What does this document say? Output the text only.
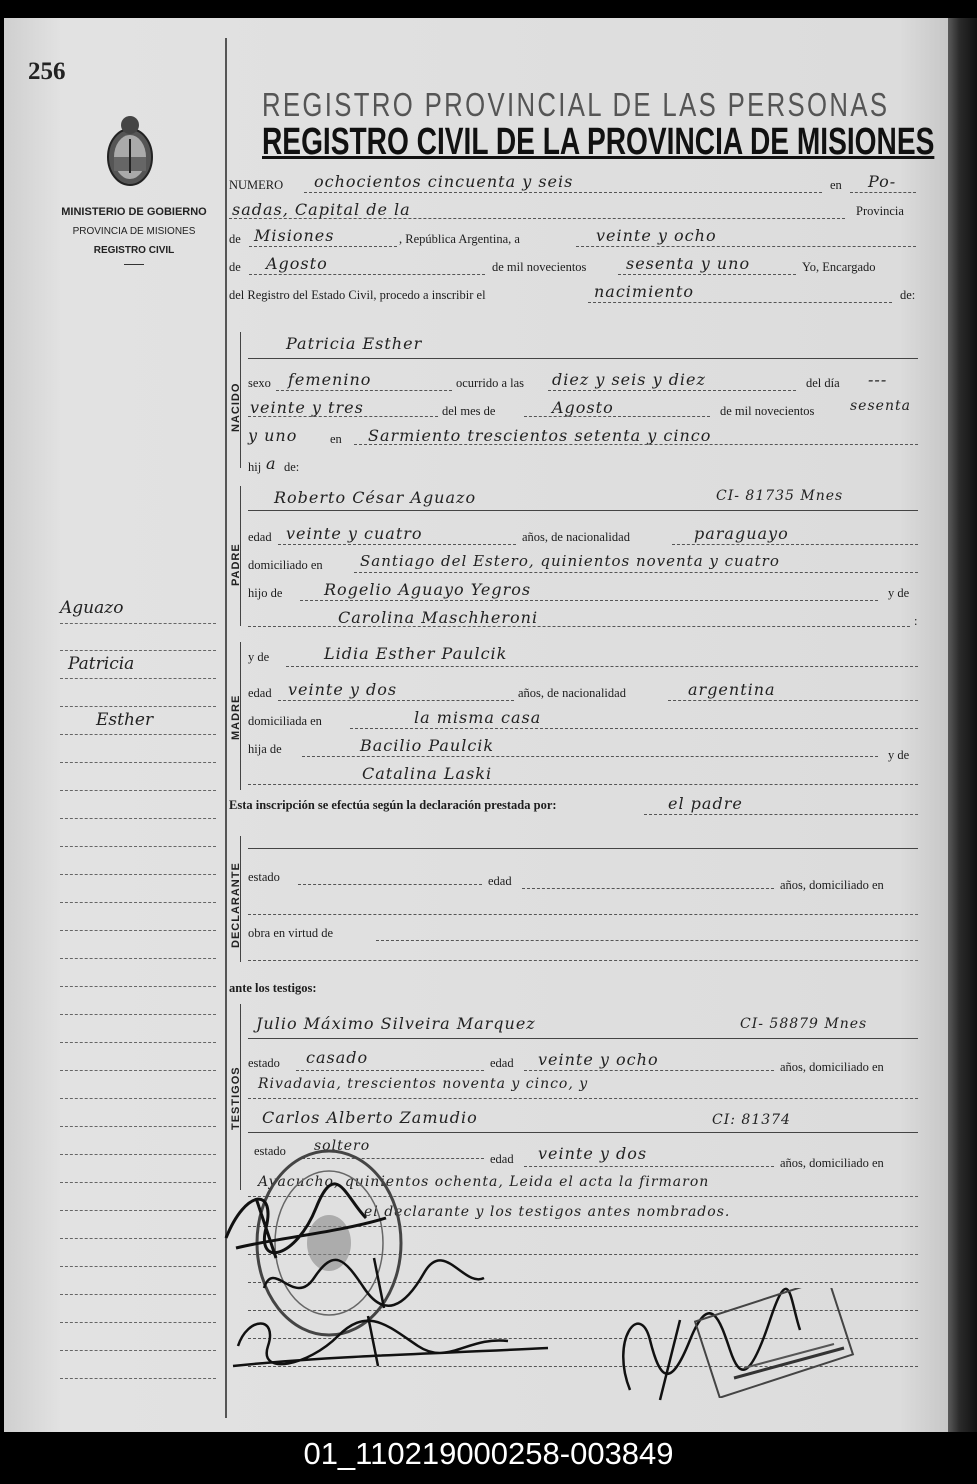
256
REGISTRO PROVINCIAL DE LAS PERSONAS
REGISTRO CIVIL DE LA PROVINCIA DE MISIONES
MINISTERIO DE GOBIERNO
PROVINCIA DE MISIONES
REGISTRO CIVIL
Aguazo
Patricia
Esther
NUMERO ochocientos cincuenta y seis	en Po-
sadas, Capital de la	Provincia
de Misiones	, República Argentina, a	veinte y ocho
de Agosto	de mil novecientos sesenta y uno	Yo, Encargado
del Registro del Estado Civil, procedo a inscribir el	nacimiento	de:
NACIDO
Patricia Esther
sexo femenino	ocurrido a las diez y seis y diez	del día ---
veinte y tres	del mes de	Agosto	de mil novecientos	sesenta
y uno	en Sarmiento trescientos setenta y cinco
hij a de:
PADRE
Roberto César Aguazo	CI- 81735 Mnes
edad veinte y cuatro	años, de nacionalidad	paraguayo
domiciliado en Santiago del Estero, quinientos noventa y cuatro
hijo de	Rogelio Aguayo Yegros	y de
Carolina Maschheroni	:
MADRE
y de	Lidia Esther Paulcik
edad veinte y dos	años, de nacionalidad	argentina
domiciliada en	la misma casa
hija de	Bacilio Paulcik	y de
Catalina Laski
Esta inscripción se efectúa según la declaración prestada por:	el padre
DECLARANTE estado	edad	años, domiciliado en
obra en virtud de
ante los testigos:
TESTIGOS
Julio Máximo Silveira Marquez	CI- 58879 Mnes
estado casado	edad veinte y ocho	años, domiciliado en
Rivadavia, trescientos noventa y cinco, y
Carlos Alberto Zamudio	CI: 81374
estado soltero
edad veinte y dos	años, domiciliado en
Ayacucho, quinientos ochenta, Leida el acta la firmaron
el declarante y los testigos antes nombrados.
01_110219000258-003849
